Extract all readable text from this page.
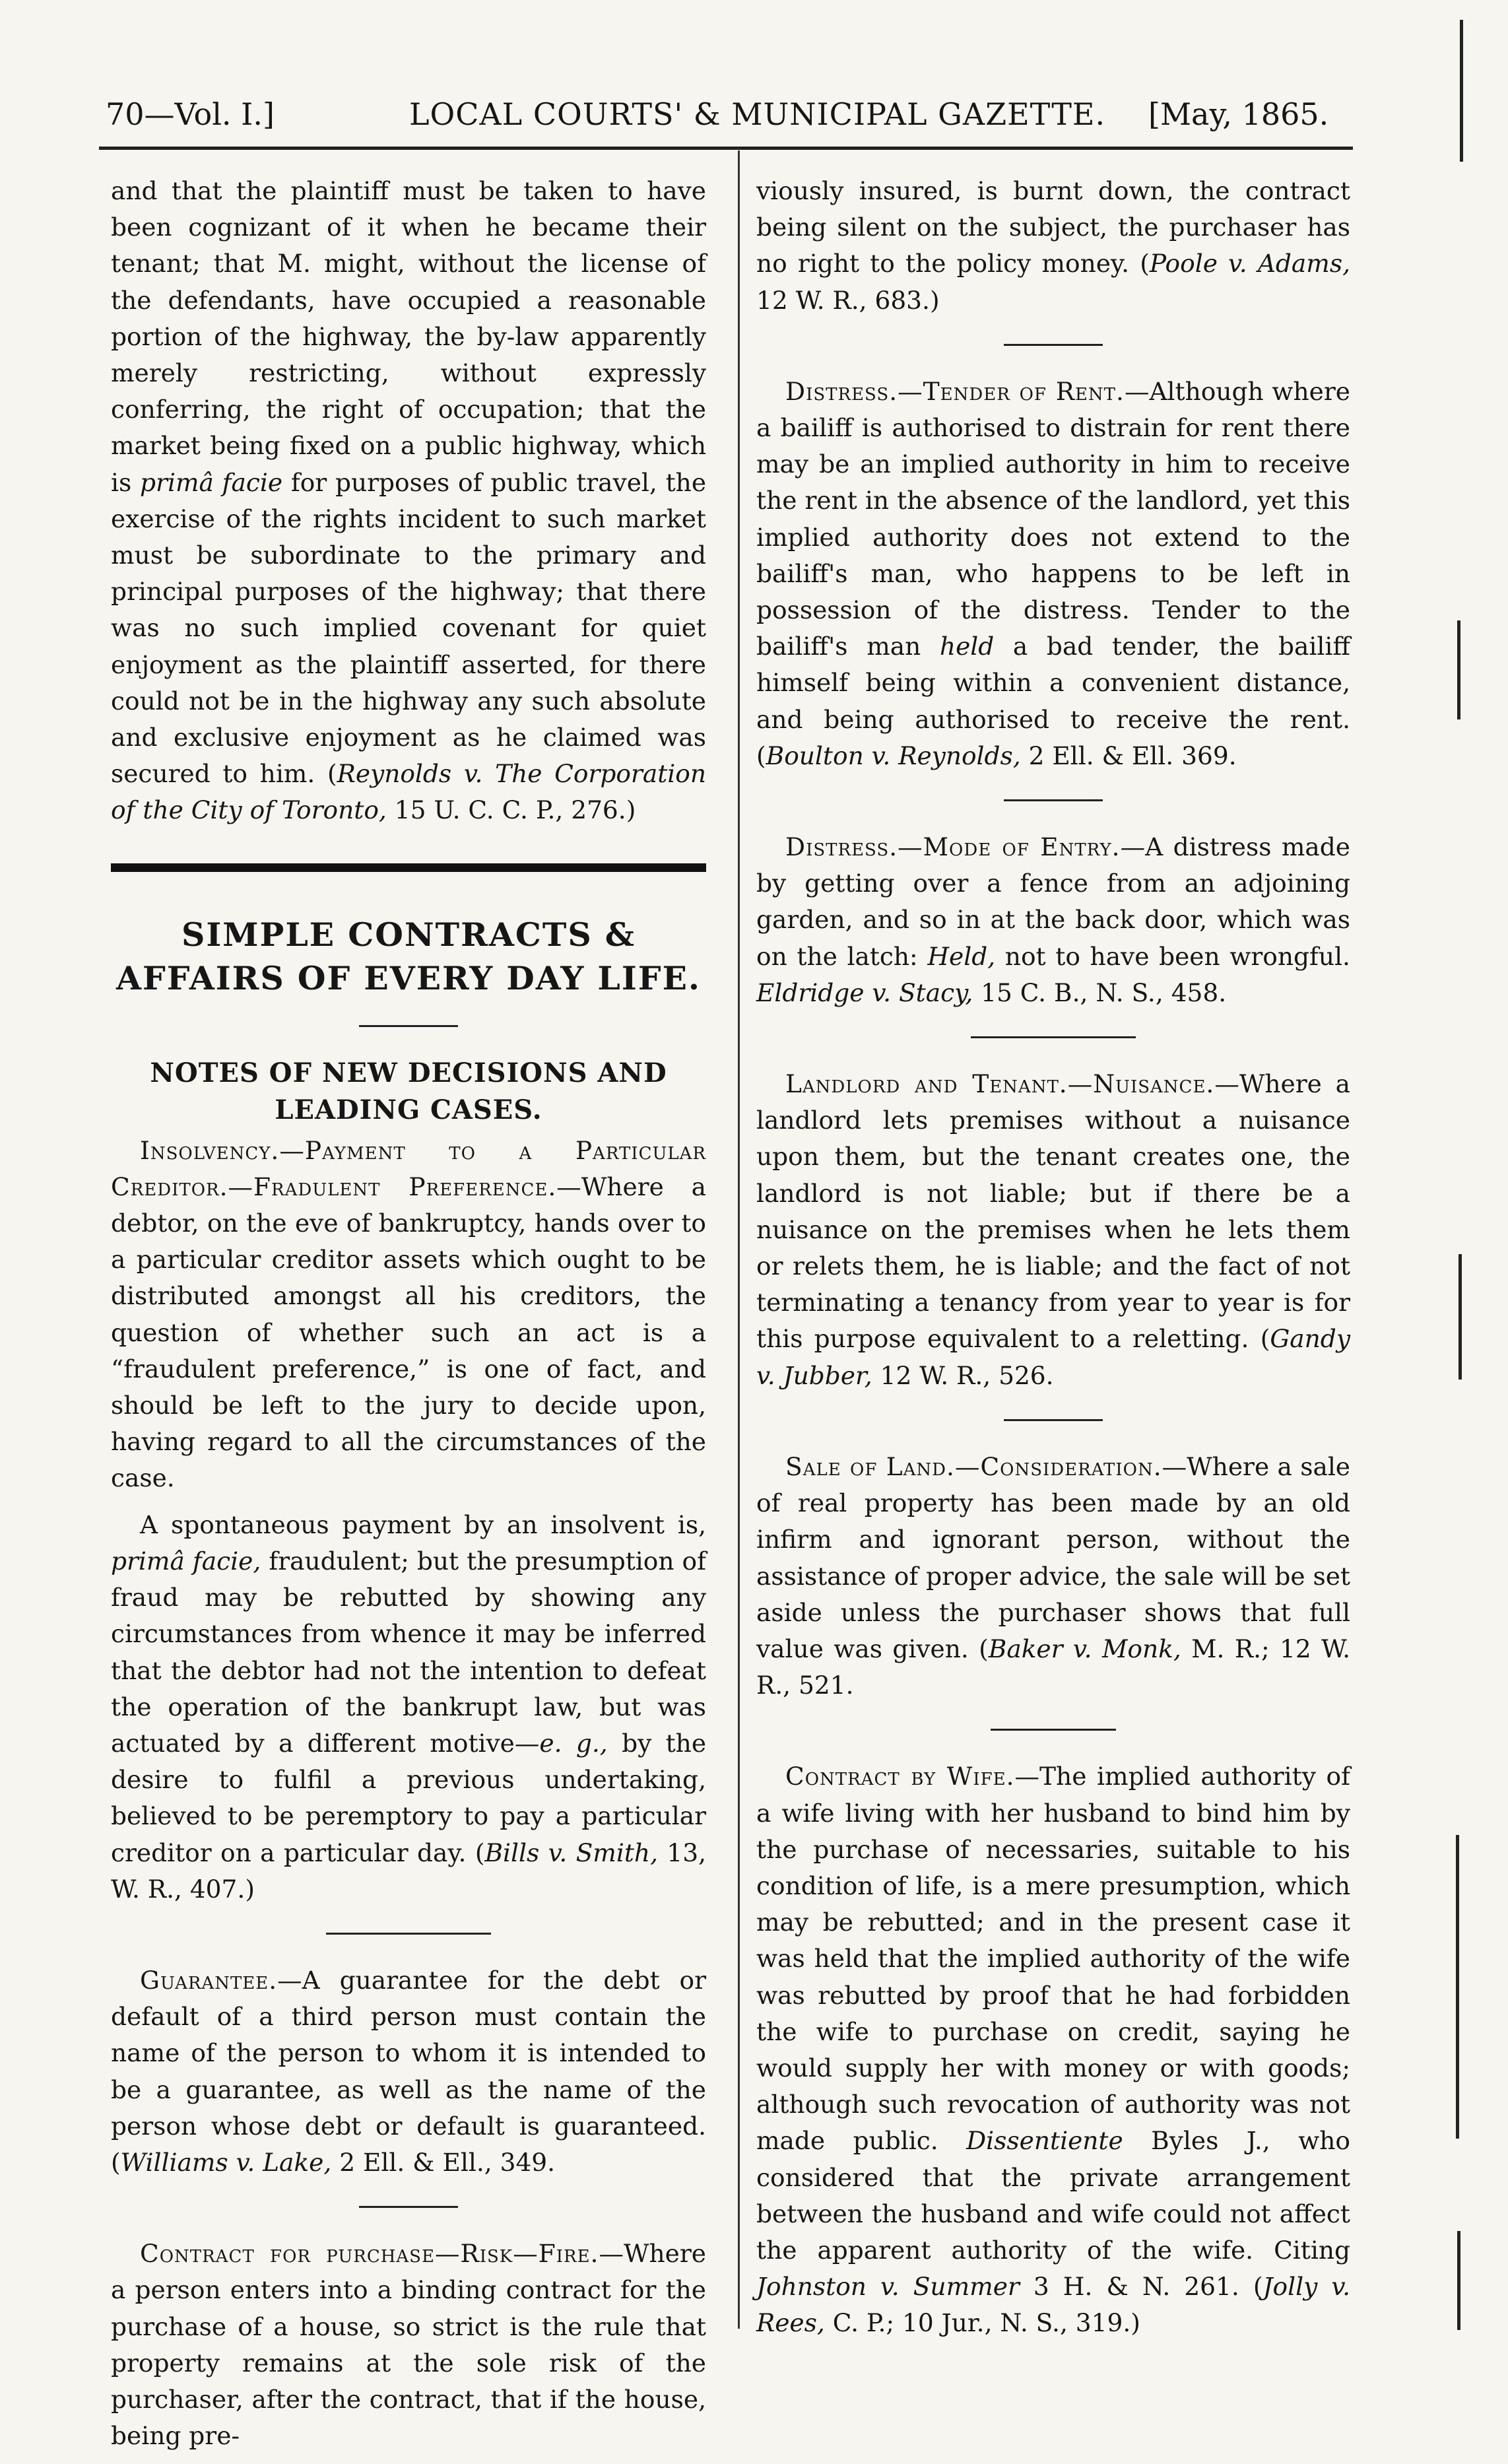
70—Vol. I.]	LOCAL COURTS' & MUNICIPAL GAZETTE. [May, 1865.

and that the plaintiff must be taken to have been cognizant of it when he became their tenant; that M. might, without the license of the defendants, have occupied a reasonable portion of the highway, the by-law apparently merely restricting, without expressly conferring, the right of occupation; that the market being fixed on a public highway, which is primâ facie for purposes of public travel, the exercise of the rights incident to such market must be subordinate to the primary and principal purposes of the highway; that there was no such implied covenant for quiet enjoyment as the plaintiff asserted, for there could not be in the highway any such absolute and exclusive enjoyment as he claimed was secured to him. (Reynolds v. The Corporation of the City of Toronto, 15 U. C. C. P., 276.)

SIMPLE CONTRACTS & AFFAIRS OF EVERY DAY LIFE.
NOTES OF NEW DECISIONS AND LEADING CASES.

Insolvency.—Payment to a Particular Creditor.—Fradulent Preference.—Where a debtor, on the eve of bankruptcy, hands over to a particular creditor assets which ought to be distributed amongst all his creditors, the question of whether such an act is a “fraudulent preference,” is one of fact, and should be left to the jury to decide upon, having regard to all the circumstances of the case.

A spontaneous payment by an insolvent is, primâ facie, fraudulent; but the presumption of fraud may be rebutted by showing any circumstances from whence it may be inferred that the debtor had not the intention to defeat the operation of the bankrupt law, but was actuated by a different motive—e. g., by the desire to fulfil a previous undertaking, believed to be peremptory to pay a particular creditor on a particular day. (Bills v. Smith, 13, W. R., 407.)

Guarantee.—A guarantee for the debt or default of a third person must contain the name of the person to whom it is intended to be a guarantee, as well as the name of the person whose debt or default is guaranteed. (Williams v. Lake, 2 Ell. & Ell., 349.

Contract for purchase—Risk—Fire.—Where a person enters into a binding contract for the purchase of a house, so strict is the rule that property remains at the sole risk of the purchaser, after the contract, that if the house, being pre-

viously insured, is burnt down, the contract being silent on the subject, the purchaser has no right to the policy money. (Poole v. Adams, 12 W. R., 683.)

Distress.—Tender of Rent.—Although where a bailiff is authorised to distrain for rent there may be an implied authority in him to receive the rent in the absence of the landlord, yet this implied authority does not extend to the bailiff's man, who happens to be left in possession of the distress. Tender to the bailiff's man held a bad tender, the bailiff himself being within a convenient distance, and being authorised to receive the rent. (Boulton v. Reynolds, 2 Ell. & Ell. 369.

Distress.—Mode of Entry.—A distress made by getting over a fence from an adjoining garden, and so in at the back door, which was on the latch: Held, not to have been wrongful. Eldridge v. Stacy, 15 C. B., N. S., 458.

Landlord and Tenant.—Nuisance.—Where a landlord lets premises without a nuisance upon them, but the tenant creates one, the landlord is not liable; but if there be a nuisance on the premises when he lets them or relets them, he is liable; and the fact of not terminating a tenancy from year to year is for this purpose equivalent to a reletting. (Gandy v. Jubber, 12 W. R., 526.

Sale of Land.—Consideration.—Where a sale of real property has been made by an old infirm and ignorant person, without the assistance of proper advice, the sale will be set aside unless the purchaser shows that full value was given. (Baker v. Monk, M. R.; 12 W. R., 521.

Contract by Wife.—The implied authority of a wife living with her husband to bind him by the purchase of necessaries, suitable to his condition of life, is a mere presumption, which may be rebutted; and in the present case it was held that the implied authority of the wife was rebutted by proof that he had forbidden the wife to purchase on credit, saying he would supply her with money or with goods; although such revocation of authority was not made public. Dissentiente Byles J., who considered that the private arrangement between the husband and wife could not affect the apparent authority of the wife. Citing Johnston v. Summer 3 H. & N. 261. (Jolly v. Rees, C. P.; 10 Jur., N. S., 319.)
